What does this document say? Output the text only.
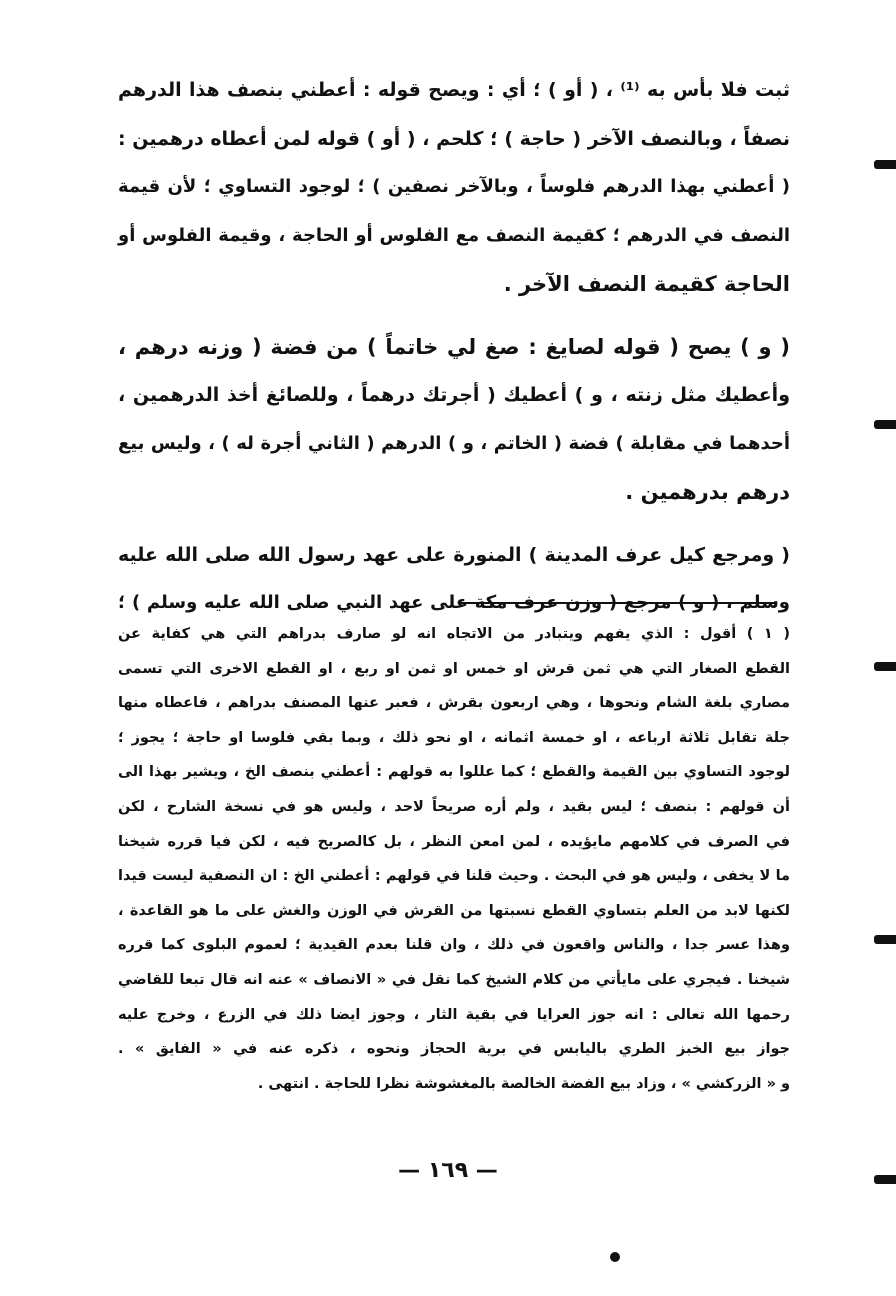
ثبت فلا بأس به ⁽¹⁾ ، ( أو ) ؛ أي : ويصح قوله : أعطني بنصف هذا الدرهم
نصفاً ، وبالنصف الآخر ( حاجة ) ؛ كلحم ، ( أو ) قوله لمن أعطاه درهمين :
( أعطني بهذا الدرهم فلوساً ، وبالآخر نصفين ) ؛ لوجود التساوي ؛ لأن قيمة
النصف في الدرهم ؛ كقيمة النصف مع الفلوس أو الحاجة ، وقيمة الفلوس أو
الحاجة كقيمة النصف الآخر .
( و ) يصح ( قوله لصايغ : صغ لي خاتماً ) من فضة ( وزنه درهم ،
وأعطيك مثل زنته ، و ) أعطيك ( أجرتك درهماً ، وللصائغ أخذ الدرهمين ،
أحدهما في مقابلة ) فضة ( الخاتم ، و ) الدرهم ( الثاني أجرة له ) ، وليس بيع
درهم بدرهمين .
( ومرجع كيل عرف المدينة ) المنورة على عهد رسول الله صلى الله عليه
وسلم ، ( و ) مرجع ( وزن عرف مكة على عهد النبي صلى الله عليه وسلم ) ؛
( ١ ) أقول : الذي يفهم ويتبادر من الاتجاه انه لو صارف بدراهم التي هي كفاية عن
القطع الصغار التي هي ثمن قرش او خمس او ثمن او ربع ، او القطع الاخرى التي تسمى
مصاري بلغة الشام ونحوها ، وهي اربعون بقرش ، فعبر عنها المصنف بدراهم ، فاعطاه منها
جلة تقابل ثلاثة ارباعه ، او خمسة اثمانه ، او نحو ذلك ، وبما بقي فلوسا او حاجة ؛ يجوز ؛
لوجود التساوي بين القيمة والقطع ؛ كما عللوا به قولهم : أعطني بنصف الخ ، ويشير بهذا الى
أن قولهم : بنصف ؛ ليس بقيد ، ولم أره صريحاً لاحد ، وليس هو في نسخة الشارح ، لكن
في الصرف في كلامهم مايؤيده ، لمن امعن النظر ، بل كالصريح فيه ، لكن فيا قرره شيخنا
ما لا يخفى ، وليس هو في البحث . وحيث قلنا في قولهم : أعطني الخ : ان النصفية ليست قيدا
لكنها لابد من العلم بتساوي القطع نسبتها من القرش في الوزن والغش على ما هو القاعدة ،
وهذا عسر جدا ، والناس واقعون في ذلك ، وان قلنا بعدم القيدية ؛ لعموم البلوى كما قرره
شيخنا . فيجري على مايأتي من كلام الشيخ كما نقل في « الانصاف » عنه انه قال تبعا للقاضي
رحمها الله تعالى : انه جوز العرايا في بقية الثار ، وجوز ايضا ذلك في الزرع ، وخرج عليه
جواز بيع الخبز الطري باليابس في برية الحجاز ونحوه ، ذكره عنه في « الفايق » .
و « الزركشي » ، وزاد بيع الفضة الخالصة بالمغشوشة نظرا للحاجة . انتهى .
— ١٦٩ —
